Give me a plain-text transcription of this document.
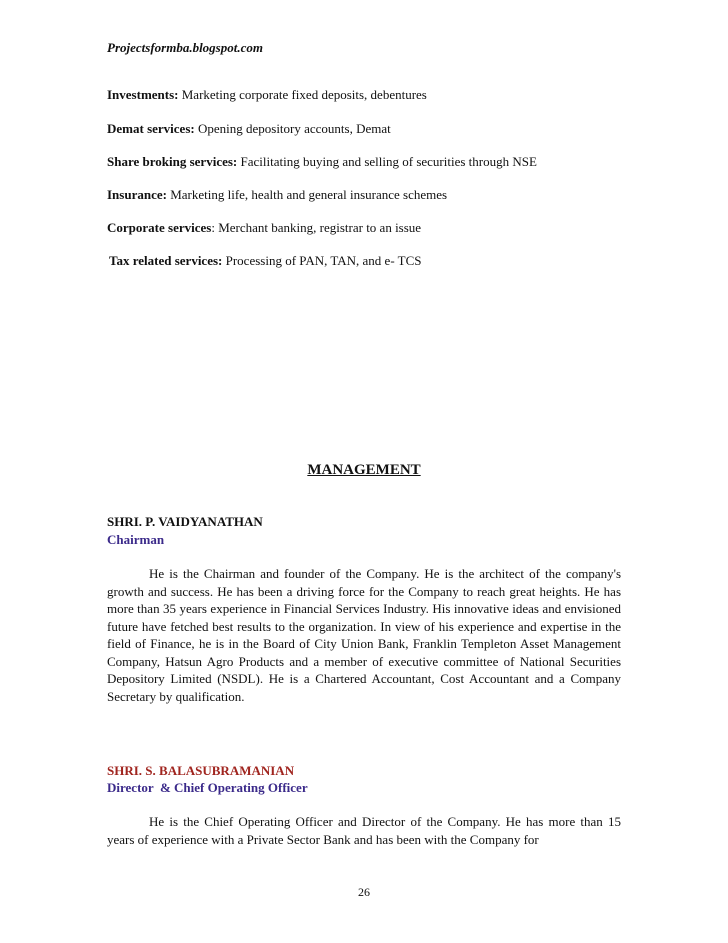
Projectsformba.blogspot.com
Investments: Marketing corporate fixed deposits, debentures
Demat services: Opening depository accounts, Demat
Share broking services: Facilitating buying and selling of securities through NSE
Insurance: Marketing life, health and general insurance schemes
Corporate services: Merchant banking, registrar to an issue
Tax related services: Processing of PAN, TAN, and e- TCS
MANAGEMENT
SHRI. P. VAIDYANATHAN
Chairman

He is the Chairman and founder of the Company. He is the architect of the company's growth and success. He has been a driving force for the Company to reach great heights. He has more than 35 years experience in Financial Services Industry. His innovative ideas and envisioned future have fetched best results to the organization. In view of his experience and expertise in the field of Finance, he is in the Board of City Union Bank, Franklin Templeton Asset Management Company, Hatsun Agro Products and a member of executive committee of National Securities Depository Limited (NSDL). He is a Chartered Accountant, Cost Accountant and a Company Secretary by qualification.

SHRI. S. BALASUBRAMANIAN
Director  & Chief Operating Officer

He is the Chief Operating Officer and Director of the Company. He has more than 15 years of experience with a Private Sector Bank and has been with the Company for

26
